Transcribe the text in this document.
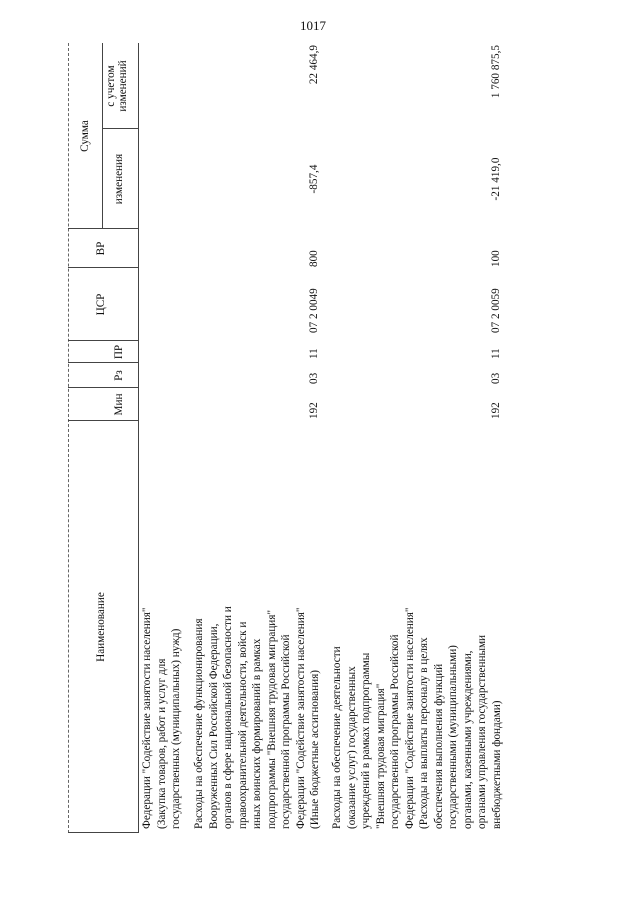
1017
Наименование
Мин
Рз
ПР
ЦСР
ВР
Сумма
изменения
с учетом изменений
Федерации "Содействие занятости населения" (Закупка товаров, работ и услуг для государственных (муниципальных) нужд) Расходы на обеспечение функционирования Вооруженных Сил Российской Федерации, органов в сфере национальной безопасности и правоохранительной деятельности, войск и иных воинских формирований в рамках подпрограммы "Внешняя трудовая миграция" государственной программы Российской Федерации "Содействие занятости населения" (Иные бюджетные ассигнования)
192
03
11
07 2 0049
800
-857,4
22 464,9
Расходы на обеспечение деятельности (оказание услуг) государственных учреждений в рамках подпрограммы "Внешняя трудовая миграция" государственной программы Российской Федерации "Содействие занятости населения" (Расходы на выплаты персоналу в целях обеспечения выполнения функций государственными (муниципальными) органами, казенными учреждениями, органами управления государственными внебюджетными фондами)
192
03
11
07 2 0059
100
-21 419,0
1 760 875,5
